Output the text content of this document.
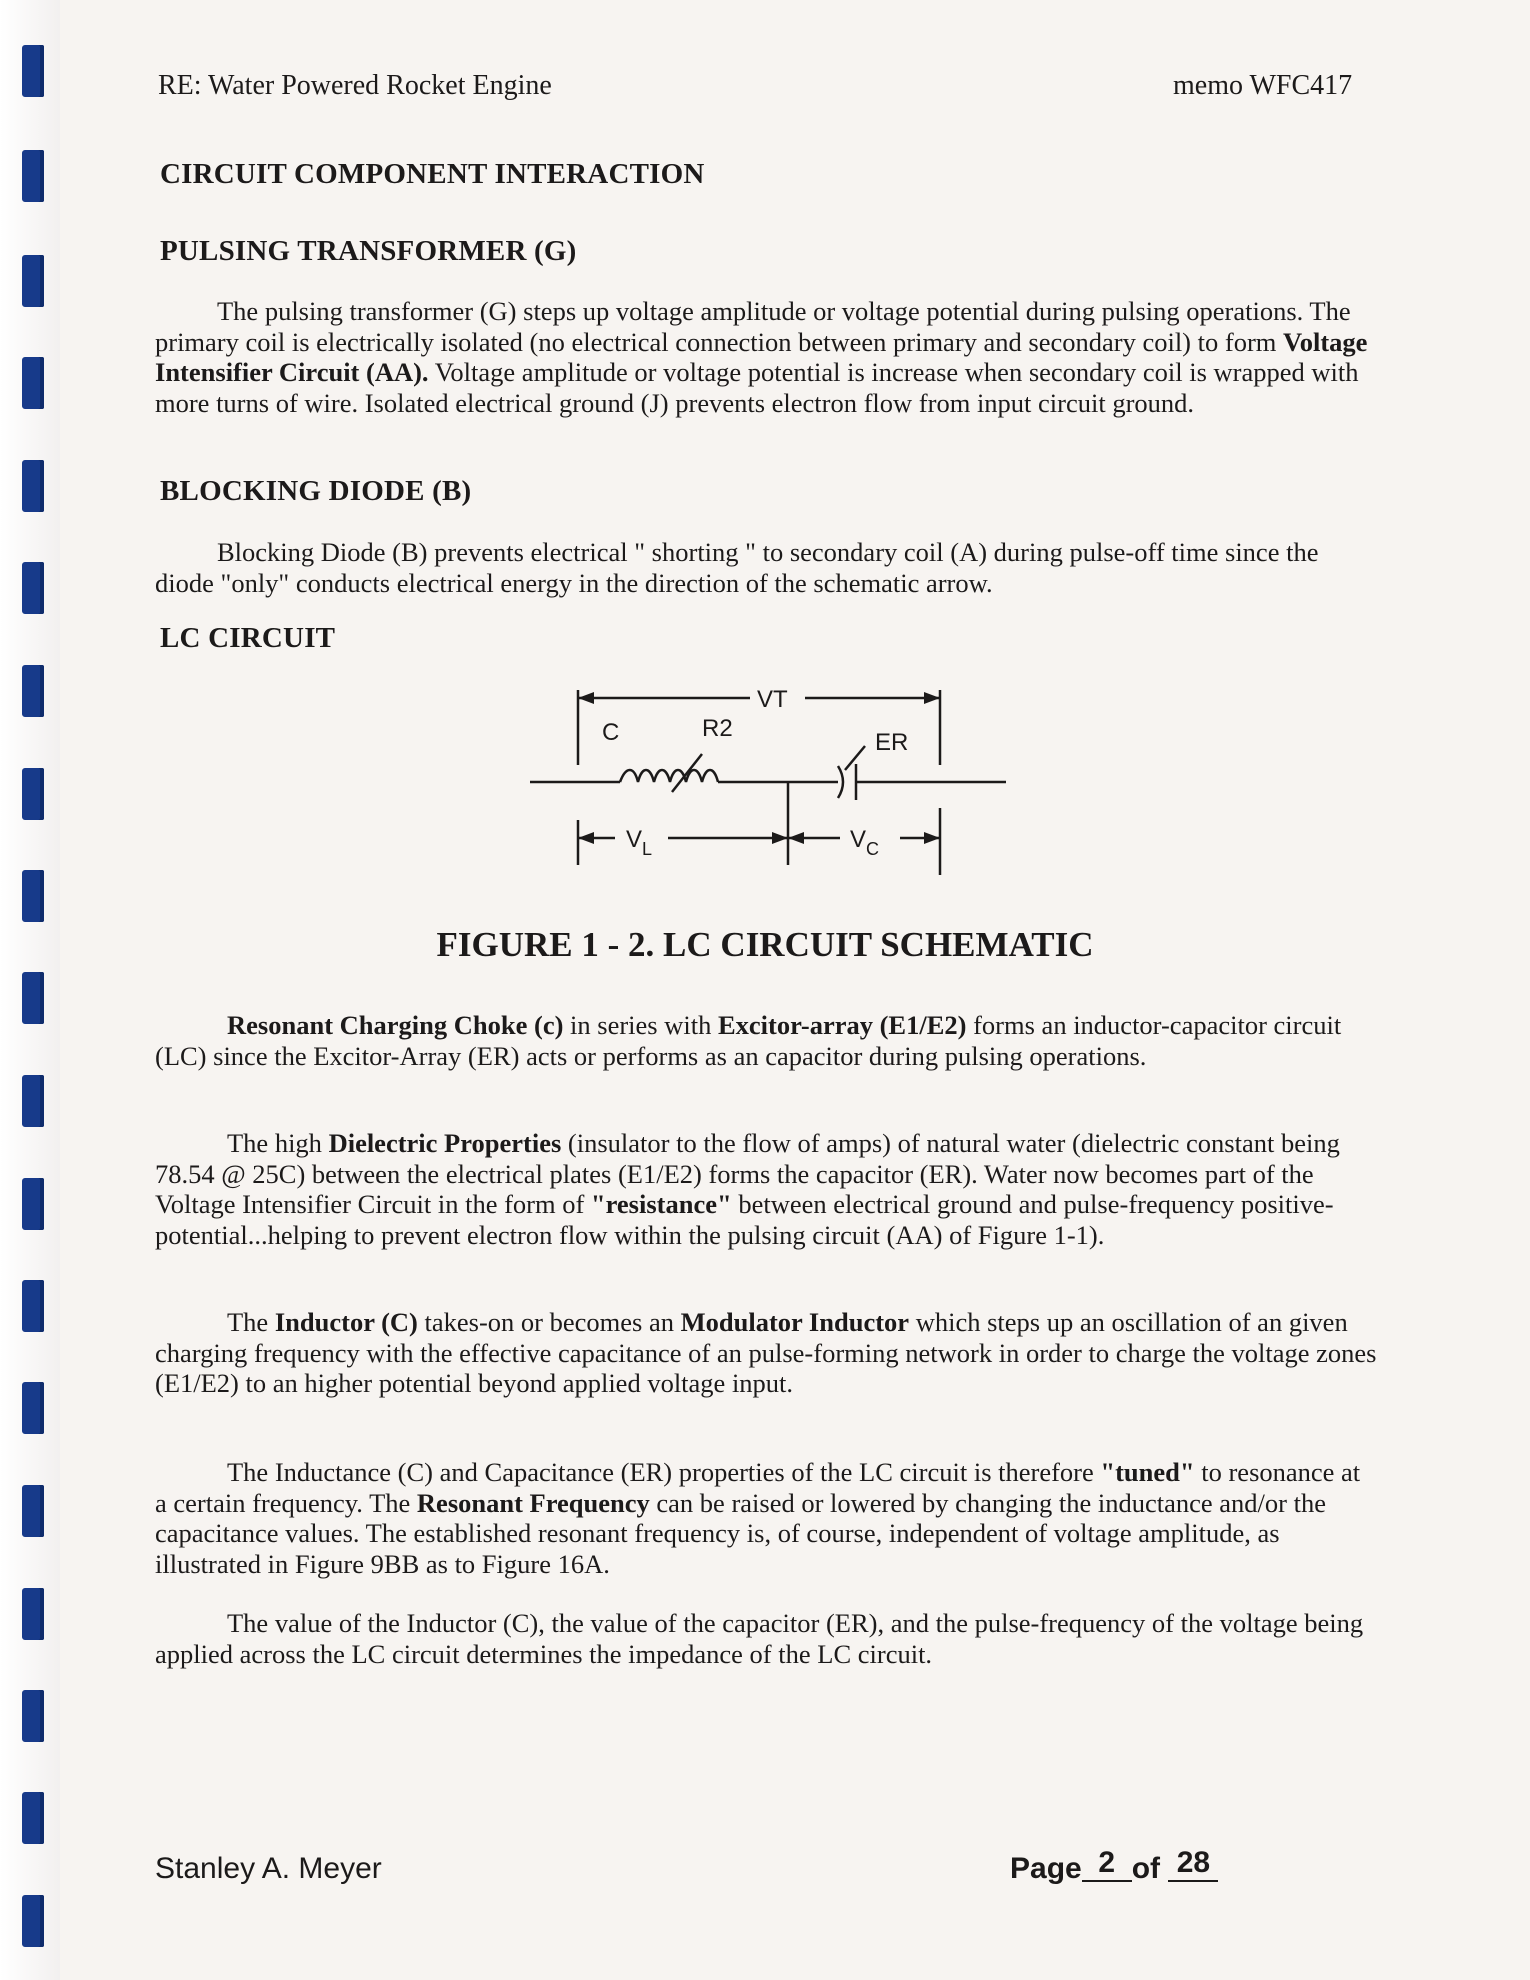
RE: Water Powered Rocket Engine	memo WFC417
CIRCUIT COMPONENT INTERACTION
PULSING TRANSFORMER (G)

The pulsing transformer (G) steps up voltage amplitude or voltage potential during pulsing operations. The primary coil is electrically isolated (no electrical connection between primary and secondary coil) to form Voltage Intensifier Circuit (AA). Voltage amplitude or voltage potential is increase when secondary coil is wrapped with more turns of wire. Isolated electrical ground (J) prevents electron flow from input circuit ground.

BLOCKING DIODE (B)

Blocking Diode (B) prevents electrical " shorting " to secondary coil (A) during pulse-off time since the diode "only" conducts electrical energy in the direction of the schematic arrow.

LC CIRCUIT
VT
C	R2
ER
$V_L$	$V_C$
FIGURE 1 - 2. LC CIRCUIT SCHEMATIC

Resonant Charging Choke (c) in series with Excitor-array (E1/E2) forms an inductor-capacitor circuit (LC) since the Excitor-Array (ER) acts or performs as an capacitor during pulsing operations.

The high Dielectric Properties (insulator to the flow of amps) of natural water (dielectric constant being 78.54 @ 25C) between the electrical plates (E1/E2) forms the capacitor (ER). Water now becomes part of the Voltage Intensifier Circuit in the form of "resistance" between electrical ground and pulse-frequency positive-potential...helping to prevent electron flow within the pulsing circuit (AA) of Figure 1-1).

The Inductor (C) takes-on or becomes an Modulator Inductor which steps up an oscillation of an given charging frequency with the effective capacitance of an pulse-forming network in order to charge the voltage zones (E1/E2) to an higher potential beyond applied voltage input.

The Inductance (C) and Capacitance (ER) properties of the LC circuit is therefore "tuned" to resonance at a certain frequency. The Resonant Frequency can be raised or lowered by changing the inductance and/or the capacitance values. The established resonant frequency is, of course, independent of voltage amplitude, as illustrated in Figure 9BB as to Figure 16A.

The value of the Inductor (C), the value of the capacitor (ER), and the pulse-frequency of the voltage being applied across the LC circuit determines the impedance of the LC circuit.

Stanley A. Meyer	Page 2 of 28
